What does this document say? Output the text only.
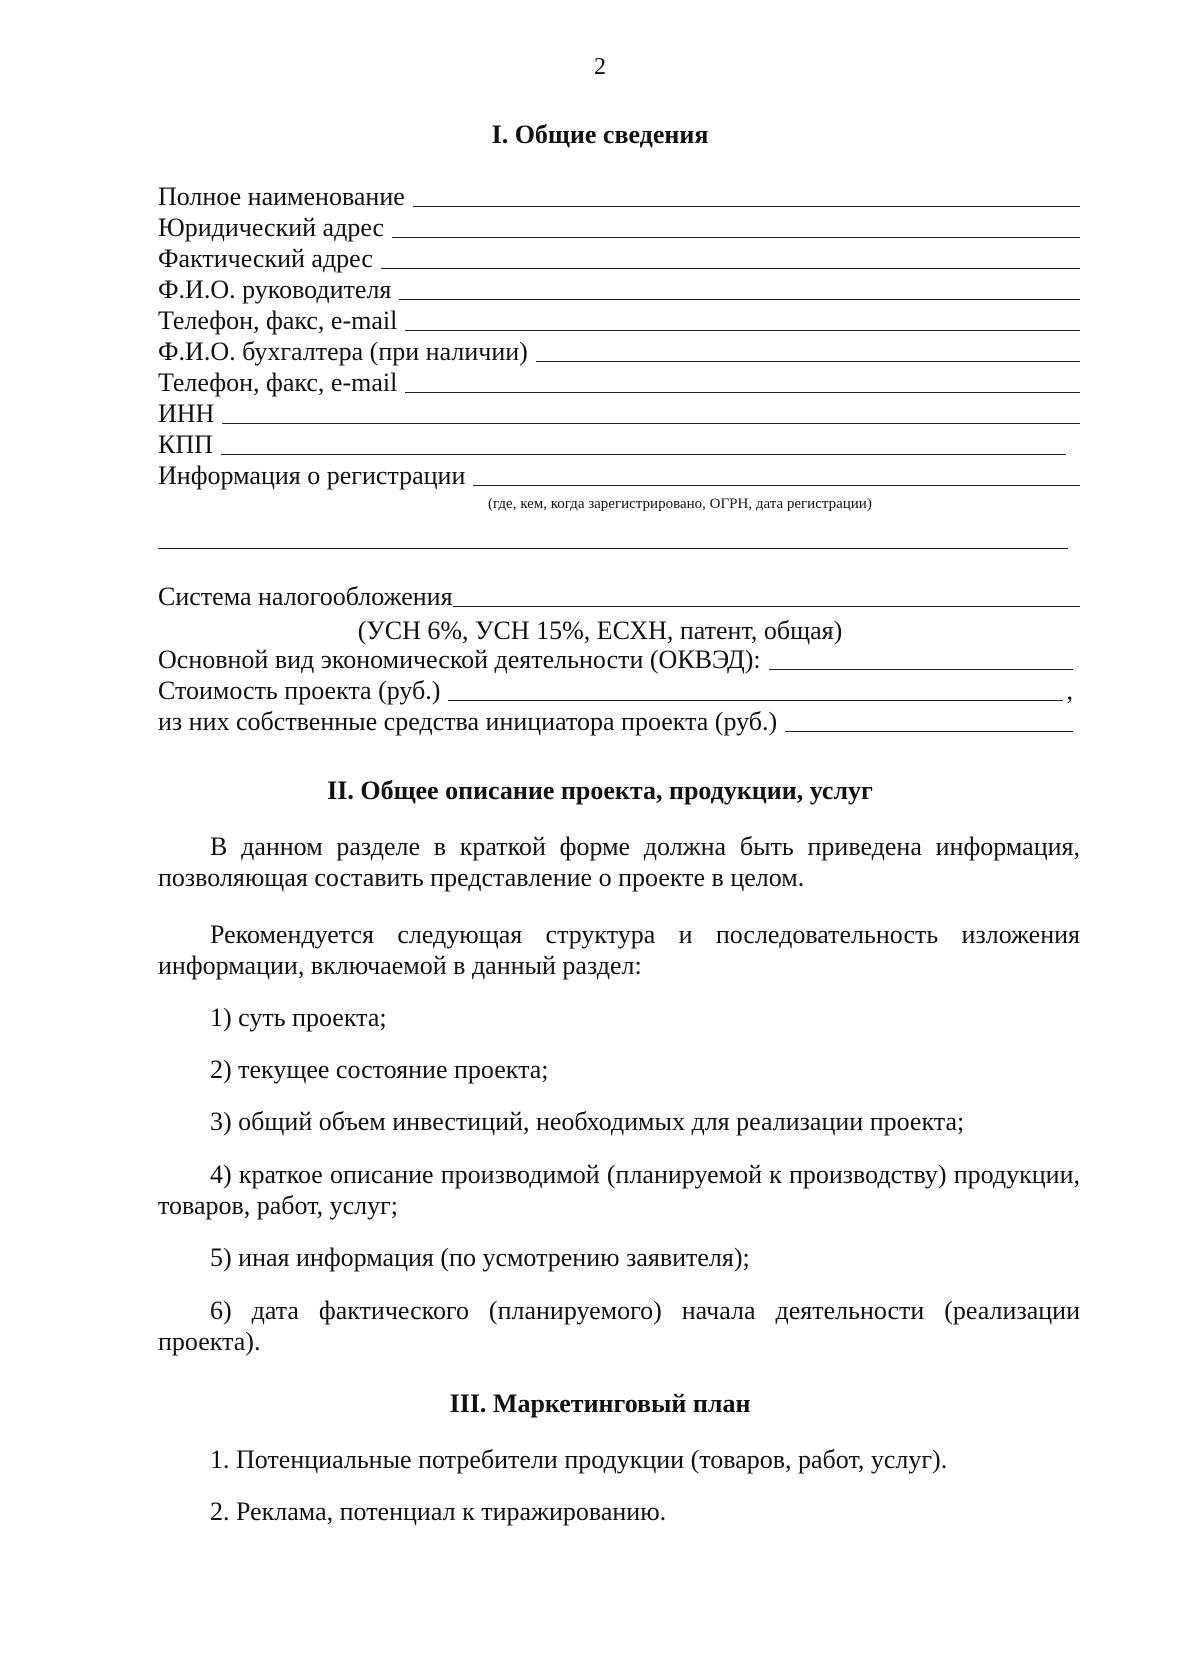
2
I. Общие сведения
Полное наименование
Юридический адрес
Фактический адрес
Ф.И.О. руководителя
Телефон, факс, e-mail
Ф.И.О. бухгалтера (при наличии)
Телефон, факс, e-mail
ИНН
КПП
Информация о регистрации
(где, кем, когда зарегистрировано, ОГРН, дата регистрации)
Система налогообложения
(УСН 6%, УСН 15%, ЕСХН, патент, общая)
Основной вид экономической деятельности (ОКВЭД):
Стоимость проекта (руб.)	,
из них собственные средства инициатора проекта (руб.)
II. Общее описание проекта, продукции, услуг
В данном разделе в краткой форме должна быть приведена информация, позволяющая составить представление о проекте в целом.
Рекомендуется следующая структура и последовательность изложения информации, включаемой в данный раздел:
1) суть проекта;
2) текущее состояние проекта;
3) общий объем инвестиций, необходимых для реализации проекта;
4) краткое описание производимой (планируемой к производству) продукции, товаров, работ, услуг;
5) иная информация (по усмотрению заявителя);
6) дата фактического (планируемого) начала деятельности (реализации проекта).
III. Маркетинговый план
1. Потенциальные потребители продукции (товаров, работ, услуг).
2. Реклама, потенциал к тиражированию.
